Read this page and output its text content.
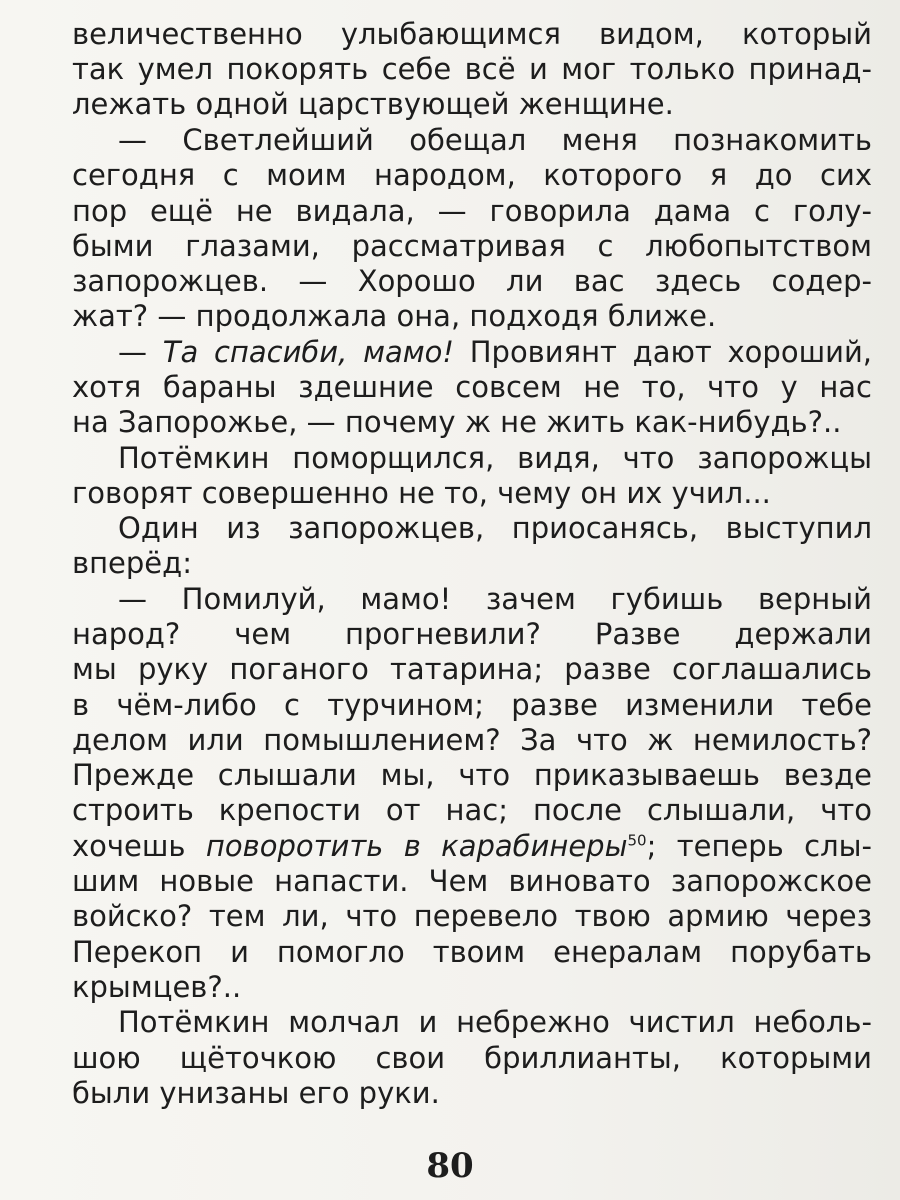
величественно улыбающимся видом, который
так умел покорять себе всё и мог только принад-
лежать одной царствующей женщине.
— Светлейший обещал меня познакомить
сегодня с моим народом, которого я до сих
пор ещё не видала, — говорила дама с голу-
быми глазами, рассматривая с любопытством
запорожцев. — Хорошо ли вас здесь содер-
жат? — продолжала она, подходя ближе.
— Та спасиби, мамо! Провиянт дают хороший,
хотя бараны здешние совсем не то, что у нас
на Запорожье, — почему ж не жить как-нибудь?..
Потёмкин поморщился, видя, что запорожцы
говорят совершенно не то, чему он их учил...
Один из запорожцев, приосанясь, выступил
вперёд:
— Помилуй, мамо! зачем губишь верный
народ? чем прогневили? Разве держали
мы руку поганого татарина; разве соглашались
в чём-либо с турчином; разве изменили тебе
делом или помышлением? За что ж немилость?
Прежде слышали мы, что приказываешь везде
строить крепости от нас; после слышали, что
хочешь поворотить в карабинеры$^{50}$; теперь слы-
шим новые напасти. Чем виновато запорожское
войско? тем ли, что перевело твою армию через
Перекоп и помогло твоим енералам порубать
крымцев?..
Потёмкин молчал и небрежно чистил неболь-
шою щёточкою свои бриллианты, которыми
были унизаны его руки.
80
